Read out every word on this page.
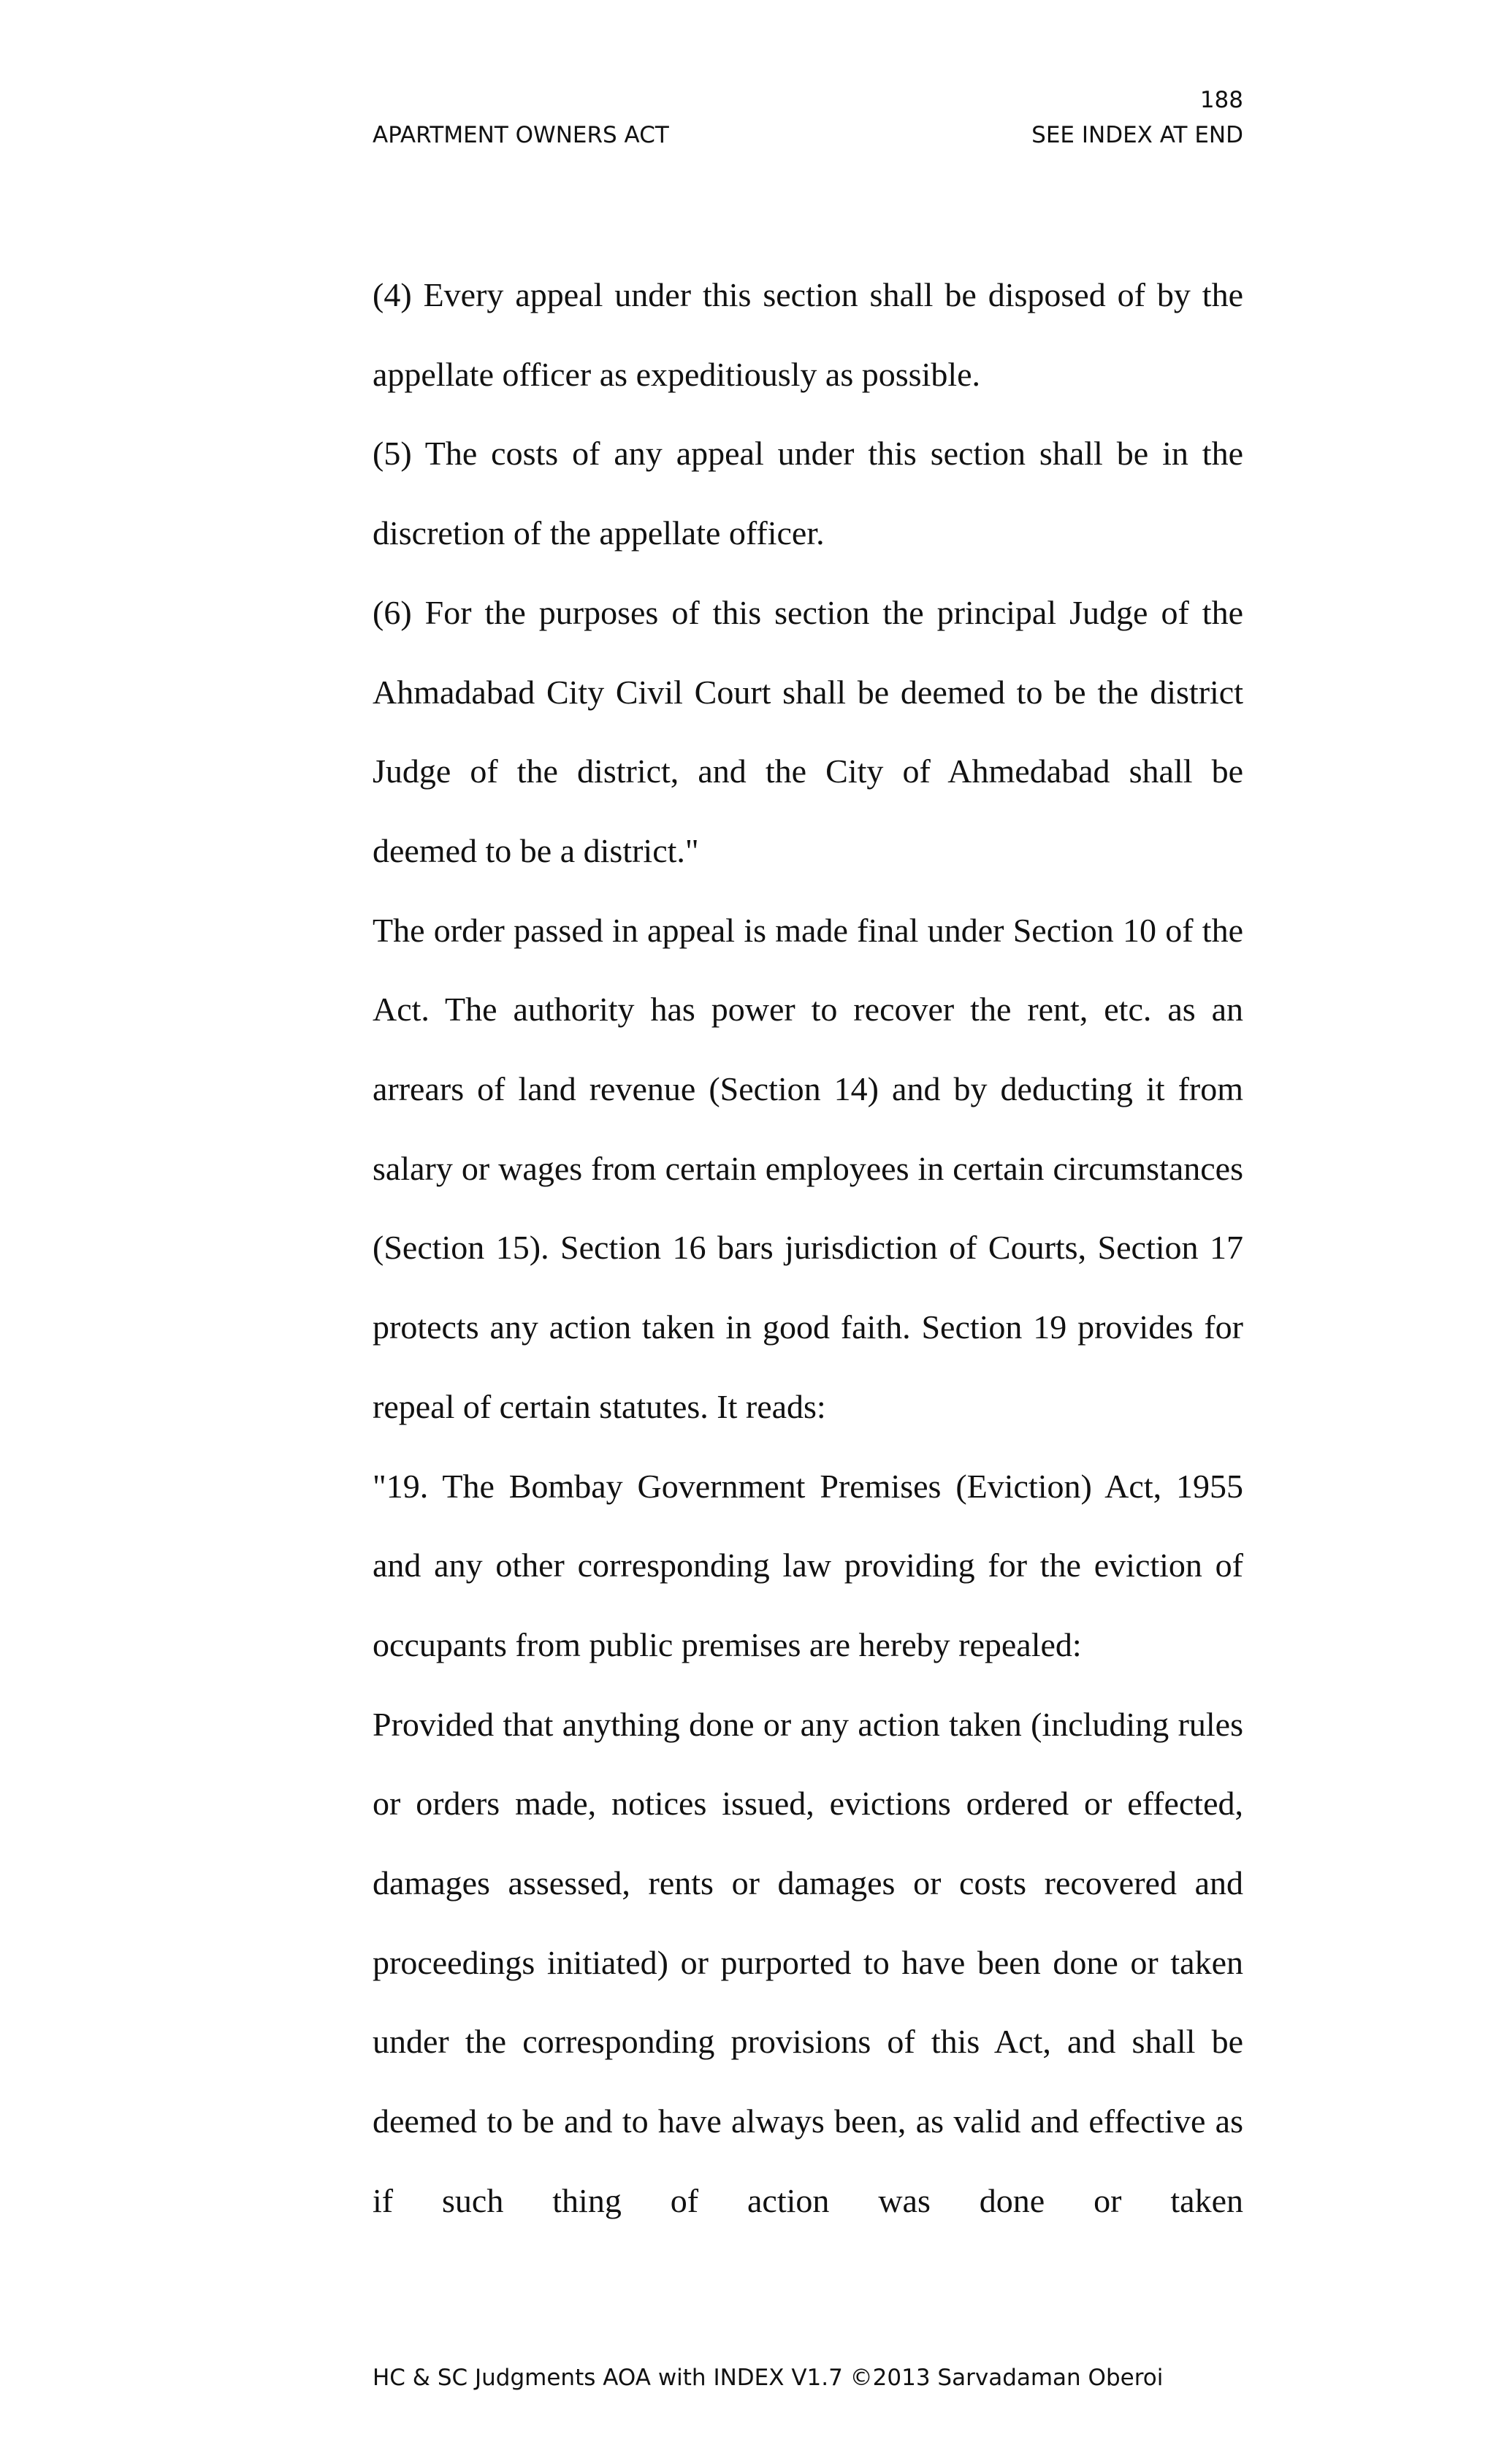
188
APARTMENT OWNERS ACT	SEE INDEX AT END

(4) Every appeal under this section shall be disposed of by the appellate officer as expeditiously as possible.

(5) The costs of any appeal under this section shall be in the discretion of the appellate officer.

(6) For the purposes of this section the principal Judge of the Ahmadabad City Civil Court shall be deemed to be the district Judge of the district, and the City of Ahmedabad shall be deemed to be a district."

The order passed in appeal is made final under Section 10 of the Act. The authority has power to recover the rent, etc. as an arrears of land revenue (Section 14) and by deducting it from salary or wages from certain employees in certain circumstances (Section 15). Section 16 bars jurisdiction of Courts, Section 17 protects any action taken in good faith. Section 19 provides for repeal of certain statutes. It reads:

"19. The Bombay Government Premises (Eviction) Act, 1955 and any other corresponding law providing for the eviction of occupants from public premises are hereby repealed:

Provided that anything done or any action taken (including rules or orders made, notices issued, evictions ordered or effected, damages assessed, rents or damages or costs recovered and proceedings initiated) or purported to have been done or taken under the corresponding provisions of this Act, and shall be deemed to be and to have always been, as valid and effective as if such thing of action was done or taken

HC & SC Judgments AOA with INDEX V1.7 ©2013 Sarvadaman Oberoi
